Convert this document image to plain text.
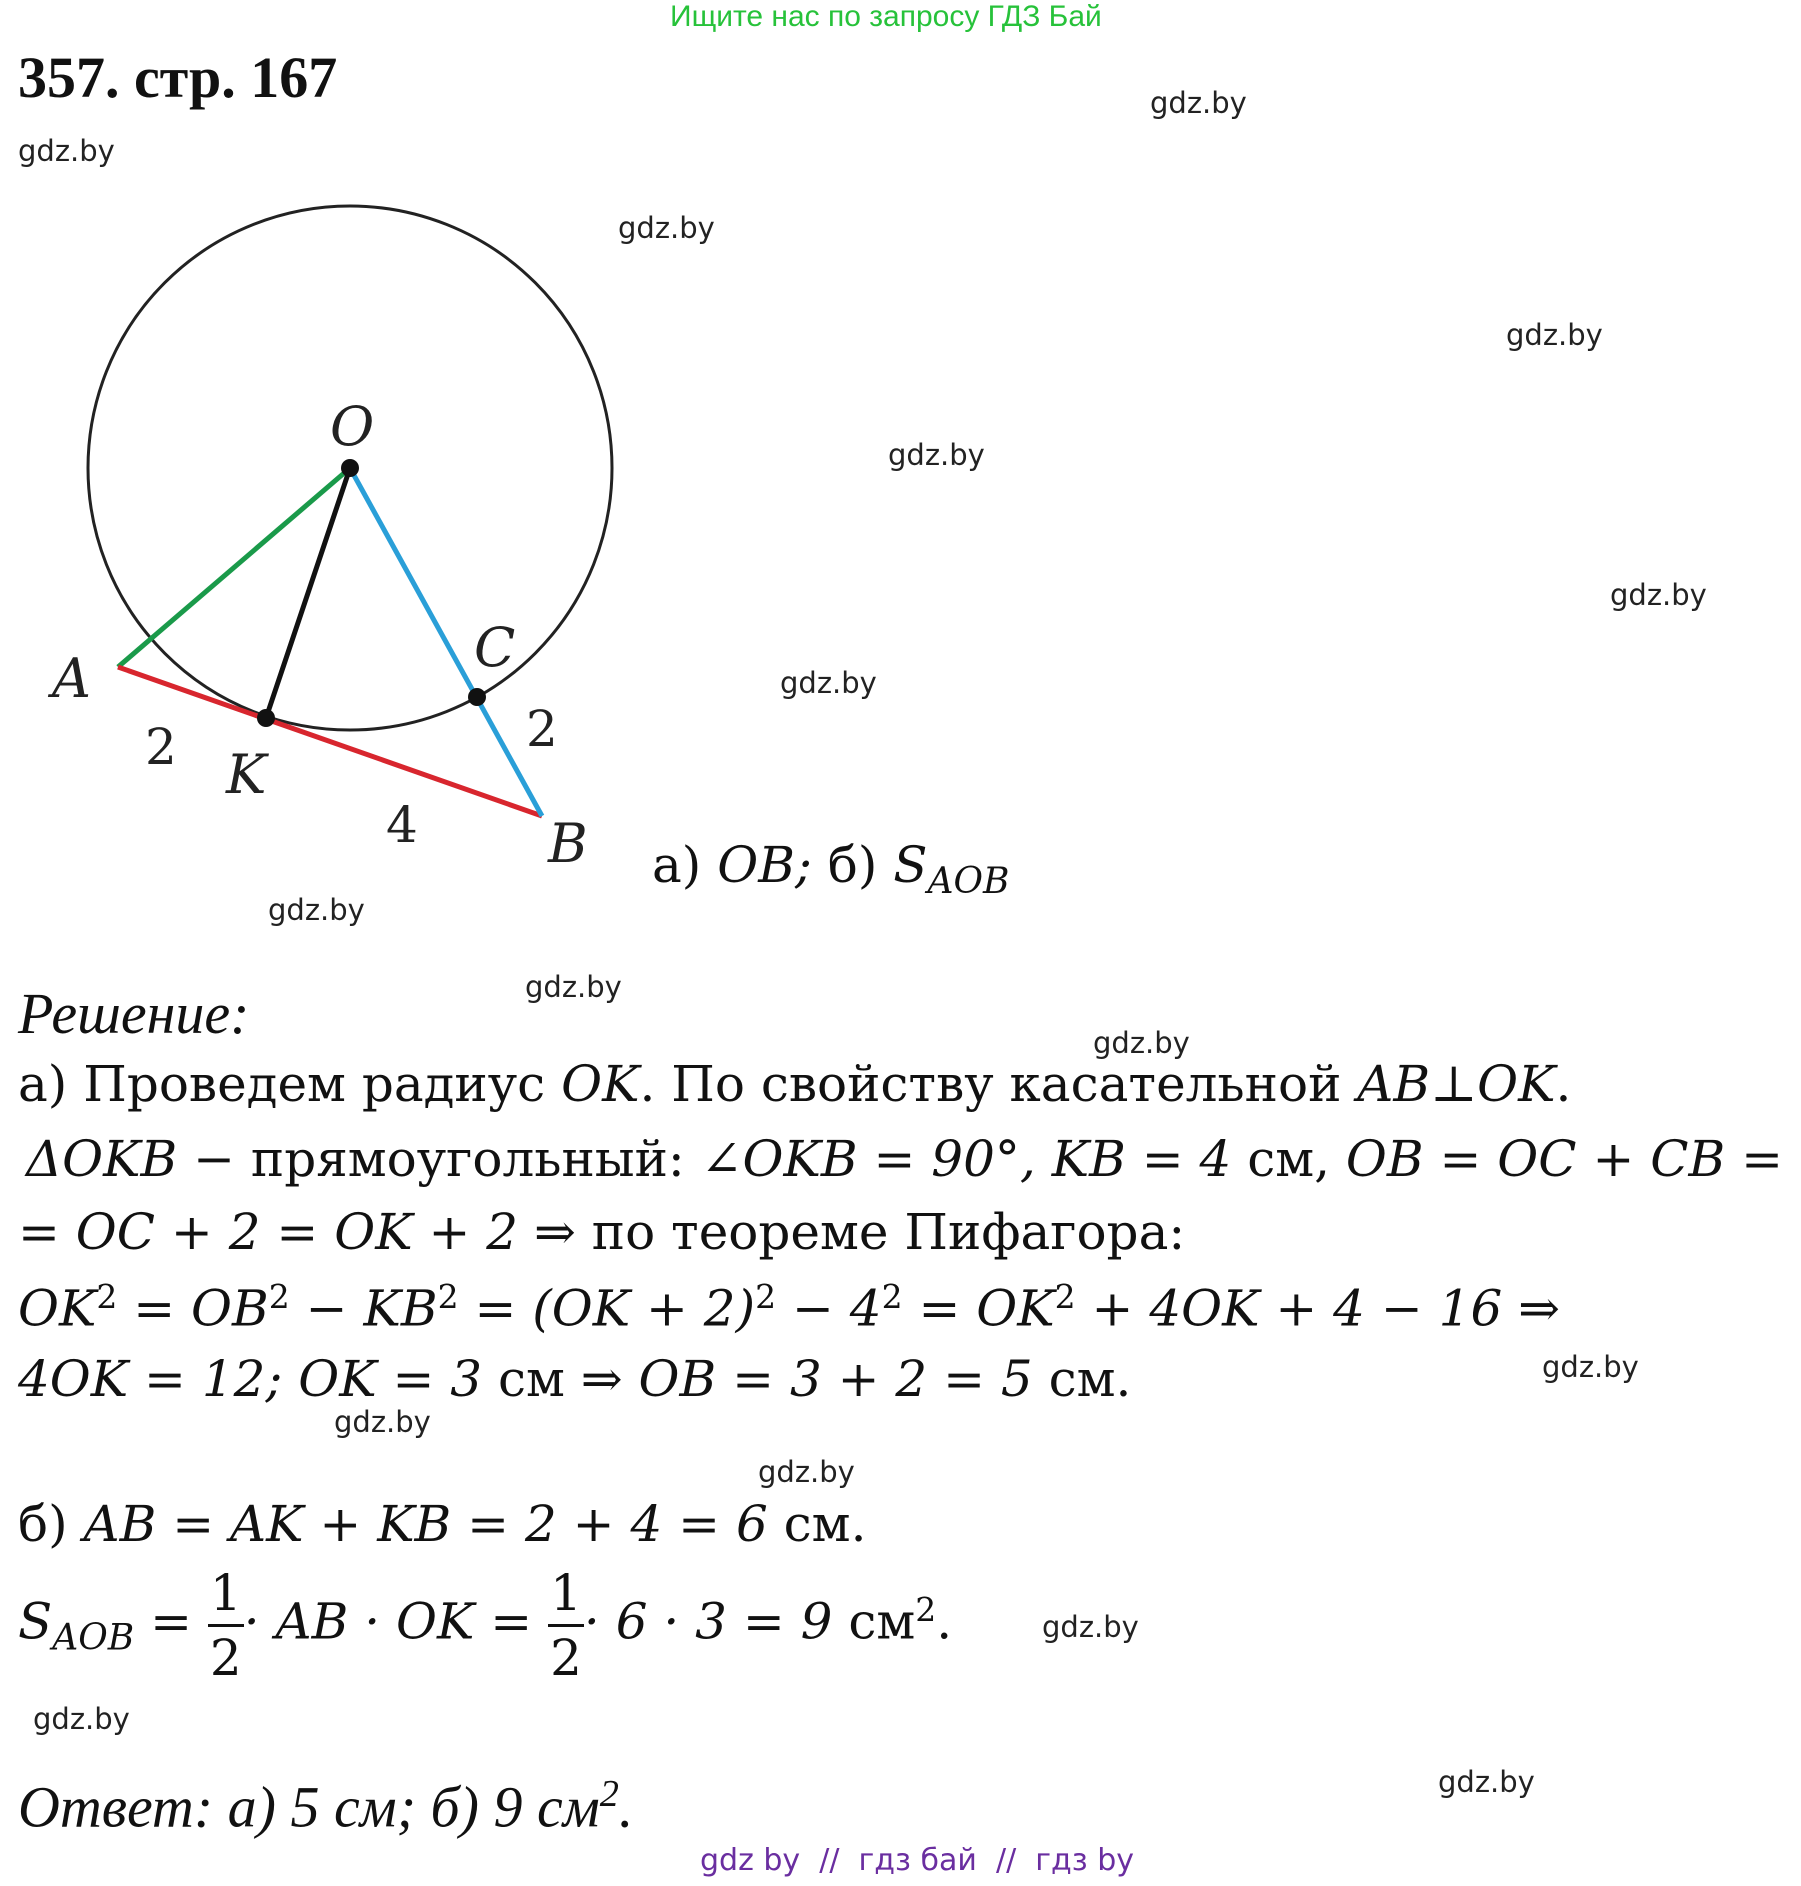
Ищите нас по запросу ГДЗ Бай
357. стр. 167	gdz.by
gdz.by
gdz.by
gdz.by
gdz.by
gdz.by
gdz.by
gdz.by
gdz.by
gdz.by
gdz.by
gdz.by
gdz.by
gdz.by
gdz.by
gdz.by
O
A	C
K
B
2
4
2
а) OB; б) $S_{AOB}$
Решение:
а) Проведем радиус OK. По свойству касательной AB⊥OK.
ΔOKB − прямоугольный: ∠OKB = 90°, KB = 4 см, OB = OC + CB =
= OC + 2 = OK + 2 ⇒ по теореме Пифагора:
$OK^2 = OB^2 - KB^2 = (OK + 2)^2 - 4^2 = OK^2 + 4OK + 4 - 16$ ⇒
4OK = 12; OK = 3 см ⇒ OB = 3 + 2 = 5 см.
б) AB = AK + KB = 2 + 4 = 6 см.
$S_{AOB} = \frac{1}{2}$ · AB · OK = $\frac{1}{2} \cdot 6 \cdot 3 = 9$ $см^2$.
Ответ: а) 5 см; б) 9 $см^2$.
gdz by  //  гдз бай  //  гдз by
